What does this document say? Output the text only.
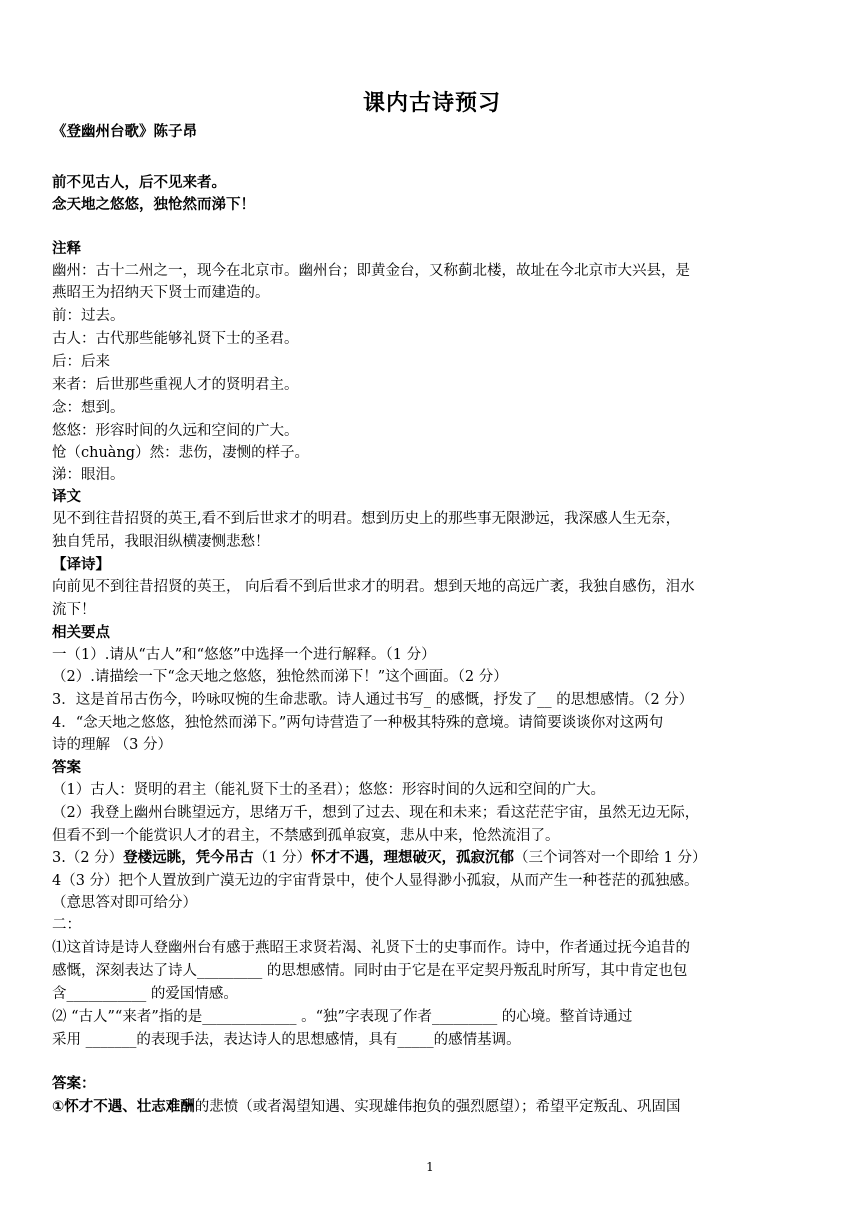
课内古诗预习
《登幽州台歌》陈子昂
前不见古人，后不见来者。
念天地之悠悠，独怆然而涕下！
注释
幽州：古十二州之一，现今在北京市。幽州台；即黄金台，又称蓟北楼，故址在今北京市大兴县，是
燕昭王为招纳天下贤士而建造的。
前：过去。
古人：古代那些能够礼贤下士的圣君。
后：后来
来者：后世那些重视人才的贤明君主。
念：想到。
悠悠：形容时间的久远和空间的广大。
怆（chuàng）然：悲伤，凄恻的样子。
涕：眼泪。
译文
见不到往昔招贤的英王,看不到后世求才的明君。想到历史上的那些事无限渺远，我深感人生无奈，
独自凭吊，我眼泪纵横凄恻悲愁！
【译诗】
向前见不到往昔招贤的英王， 向后看不到后世求才的明君。想到天地的高远广袤，我独自感伤，泪水
流下！
相关要点
一（1）.请从“古人”和“悠悠”中选择一个进行解释。（1 分）
（2）.请描绘一下“念天地之悠悠，独怆然而涕下！”这个画面。（2 分）
3．这是首吊古伤今，吟咏叹惋的生命悲歌。诗人通过书写_ 的感慨，抒发了__ 的思想感情。（2 分）
4．“念天地之悠悠，独怆然而涕下。”两句诗营造了一种极其特殊的意境。请简要谈谈你对这两句
诗的理解 （3 分）
答案
（1）古人：贤明的君主（能礼贤下士的圣君）；悠悠：形容时间的久远和空间的广大。
（2）我登上幽州台眺望远方，思绪万千，想到了过去、现在和未来；看这茫茫宇宙，虽然无边无际，
但看不到一个能赏识人才的君主，不禁感到孤单寂寞，悲从中来，怆然流泪了。
3.（2 分）登楼远眺，凭今吊古（1 分）怀才不遇，理想破灭，孤寂沉郁（三个词答对一个即给 1 分）
4（3 分）把个人置放到广漠无边的宇宙背景中，使个人显得渺小孤寂，从而产生一种苍茫的孤独感。
（意思答对即可给分）
二：
⑴这首诗是诗人登幽州台有感于燕昭王求贤若渴、礼贤下士的史事而作。诗中，作者通过抚今追昔的
感慨，深刻表达了诗人_________ 的思想感情。同时由于它是在平定契丹叛乱时所写，其中肯定也包
含___________ 的爱国情感。
⑵ “古人”“来者”指的是_____________ 。“独”字表现了作者_________ 的心境。整首诗通过
采用 _______的表现手法，表达诗人的思想感情，具有_____的感情基调。
答案：
①怀才不遇、壮志难酬的悲愤（或者渴望知遇、实现雄伟抱负的强烈愿望）；希望平定叛乱、巩固国
1
